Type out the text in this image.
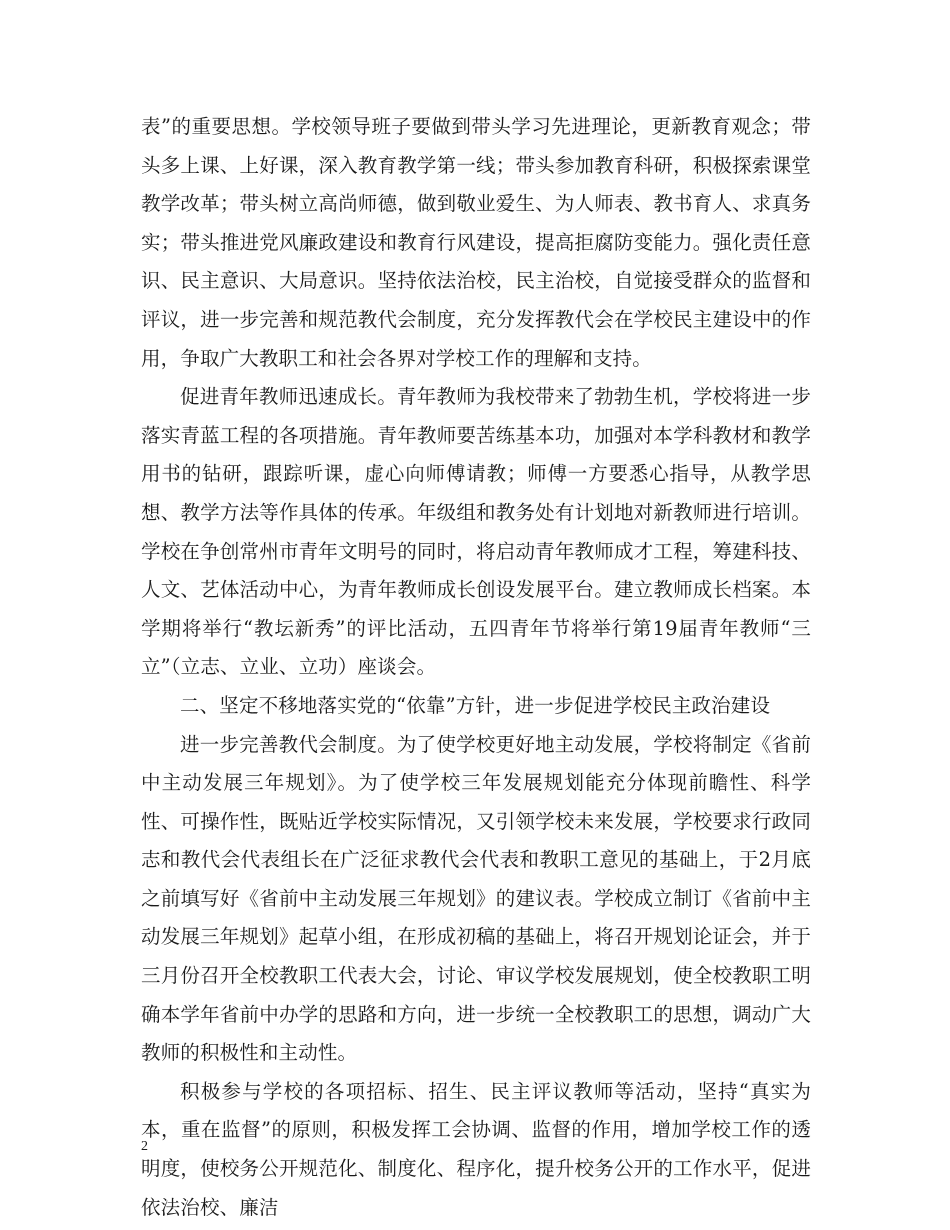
表”的重要思想。学校领导班子要做到带头学习先进理论，更新教育观念；带头多上课、上好课，深入教育教学第一线；带头参加教育科研，积极探索课堂教学改革；带头树立高尚师德，做到敬业爱生、为人师表、教书育人、求真务实；带头推进党风廉政建设和教育行风建设，提高拒腐防变能力。强化责任意识、民主意识、大局意识。坚持依法治校，民主治校，自觉接受群众的监督和评议，进一步完善和规范教代会制度，充分发挥教代会在学校民主建设中的作用，争取广大教职工和社会各界对学校工作的理解和支持。

促进青年教师迅速成长。青年教师为我校带来了勃勃生机，学校将进一步落实青蓝工程的各项措施。青年教师要苦练基本功，加强对本学科教材和教学用书的钻研，跟踪听课，虚心向师傅请教；师傅一方要悉心指导，从教学思想、教学方法等作具体的传承。年级组和教务处有计划地对新教师进行培训。学校在争创常州市青年文明号的同时，将启动青年教师成才工程，筹建科技、人文、艺体活动中心，为青年教师成长创设发展平台。建立教师成长档案。本学期将举行“教坛新秀”的评比活动，五四青年节将举行第19届青年教师“三立”（立志、立业、立功）座谈会。

二、坚定不移地落实党的“依靠”方针，进一步促进学校民主政治建设

进一步完善教代会制度。为了使学校更好地主动发展，学校将制定《省前中主动发展三年规划》。为了使学校三年发展规划能充分体现前瞻性、科学性、可操作性，既贴近学校实际情况，又引领学校未来发展，学校要求行政同志和教代会代表组长在广泛征求教代会代表和教职工意见的基础上，于2月底之前填写好《省前中主动发展三年规划》的建议表。学校成立制订《省前中主动发展三年规划》起草小组，在形成初稿的基础上，将召开规划论证会，并于三月份召开全校教职工代表大会，讨论、审议学校发展规划，使全校教职工明确本学年省前中办学的思路和方向，进一步统一全校教职工的思想，调动广大教师的积极性和主动性。

积极参与学校的各项招标、招生、民主评议教师等活动，坚持“真实为本，重在监督”的原则，积极发挥工会协调、监督的作用，增加学校工作的透明度，使校务公开规范化、制度化、程序化，提升校务公开的工作水平，促进依法治校、廉洁

2
